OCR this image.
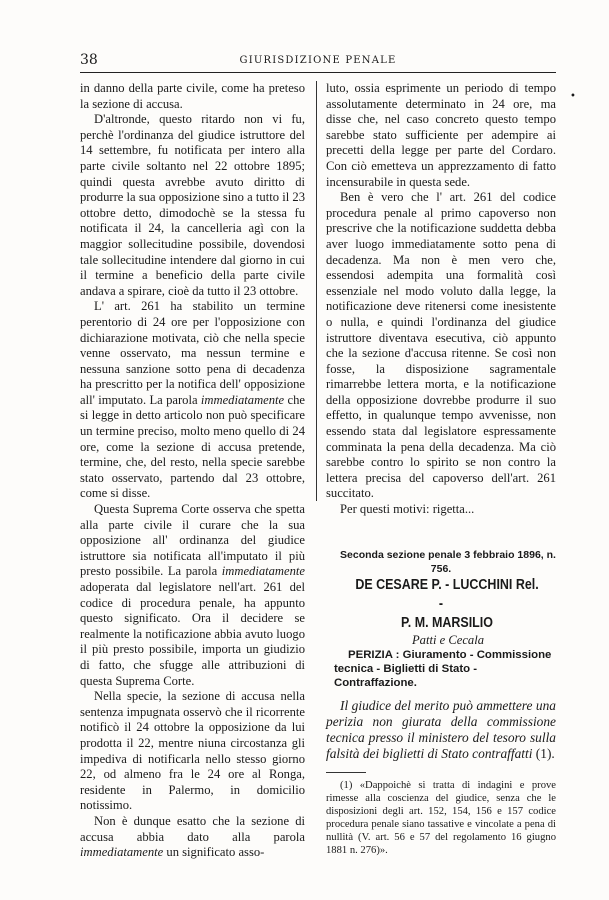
38	GIURISDIZIONE PENALE

in danno della parte civile, come ha preteso la sezione di accusa.

D'altronde, questo ritardo non vi fu, perchè l'ordinanza del giudice istruttore del 14 settembre, fu notificata per intero alla parte civile soltanto nel 22 ottobre 1895; quindi questa avrebbe avuto diritto di produrre la sua opposizione sino a tutto il 23 ottobre detto, dimodochè se la stessa fu notificata il 24, la cancelleria agì con la maggior sollecitudine possibile, dovendosi tale sollecitudine intendere dal giorno in cui il termine a beneficio della parte civile andava a spirare, cioè da tutto il 23 ottobre.

L' art. 261 ha stabilito un termine perentorio di 24 ore per l'opposizione con dichiarazione motivata, ciò che nella specie venne osservato, ma nessun termine e nessuna sanzione sotto pena di decadenza ha prescritto per la notifica dell' opposizione all' imputato. La parola immediatamente che si legge in detto articolo non può specificare un termine preciso, molto meno quello di 24 ore, come la sezione di accusa pretende, termine, che, del resto, nella specie sarebbe stato osservato, partendo dal 23 ottobre, come si disse.

Questa Suprema Corte osserva che spetta alla parte civile il curare che la sua opposizione all' ordinanza del giudice istruttore sia notificata all'imputato il più presto possibile. La parola immediatamente adoperata dal legislatore nell'art. 261 del codice di procedura penale, ha appunto questo significato. Ora il decidere se realmente la notificazione abbia avuto luogo il più presto possibile, importa un giudizio di fatto, che sfugge alle attribuzioni di questa Suprema Corte.

Nella specie, la sezione di accusa nella sentenza impugnata osservò che il ricorrente notificò il 24 ottobre la opposizione da lui prodotta il 22, mentre niuna circostanza gli impediva di notificarla nello stesso giorno 22, od almeno fra le 24 ore al Ronga, residente in Palermo, in domicilio notissimo.

Non è dunque esatto che la sezione di accusa abbia dato alla parola immediatamente un significato asso-

luto, ossia esprimente un periodo di tempo assolutamente determinato in 24 ore, ma disse che, nel caso concreto questo tempo sarebbe stato sufficiente per adempire ai precetti della legge per parte del Cordaro. Con ciò emetteva un apprezzamento di fatto incensurabile in questa sede.

Ben è vero che l' art. 261 del codice procedura penale al primo capoverso non prescrive che la notificazione suddetta debba aver luogo immediatamente sotto pena di decadenza. Ma non è men vero che, essendosi adempita una formalità così essenziale nel modo voluto dalla legge, la notificazione deve ritenersi come inesistente o nulla, e quindi l'ordinanza del giudice istruttore diventava esecutiva, ciò appunto che la sezione d'accusa ritenne. Se così non fosse, la disposizione sagramentale rimarrebbe lettera morta, e la notificazione della opposizione dovrebbe produrre il suo effetto, in qualunque tempo avvenisse, non essendo stata dal legislatore espressamente comminata la pena della decadenza. Ma ciò sarebbe contro lo spirito se non contro la lettera precisa del capoverso dell'art. 261 succitato.

Per questi motivi: rigetta...

Seconda sezione penale 3 febbraio 1896, n. 756.

DE CESARE P. - LUCCHINI Rel. -

P. M. MARSILIO

Patti e Cecala

PERIZIA : Giuramento - Commissione tecnica - Biglietti di Stato - Contraffazione.

Il giudice del merito può ammettere una perizia non giurata della commissione tecnica presso il ministero del tesoro sulla falsità dei biglietti di Stato contraffatti (1).

(1) «Dappoichè si tratta di indagini e prove rimesse alla coscienza del giudice, senza che le disposizioni degli art. 152, 154, 156 e 157 codice procedura penale siano tassative e vincolate a pena di nullità (V. art. 56 e 57 del regolamento 16 giugno 1881 n. 276)».

•
